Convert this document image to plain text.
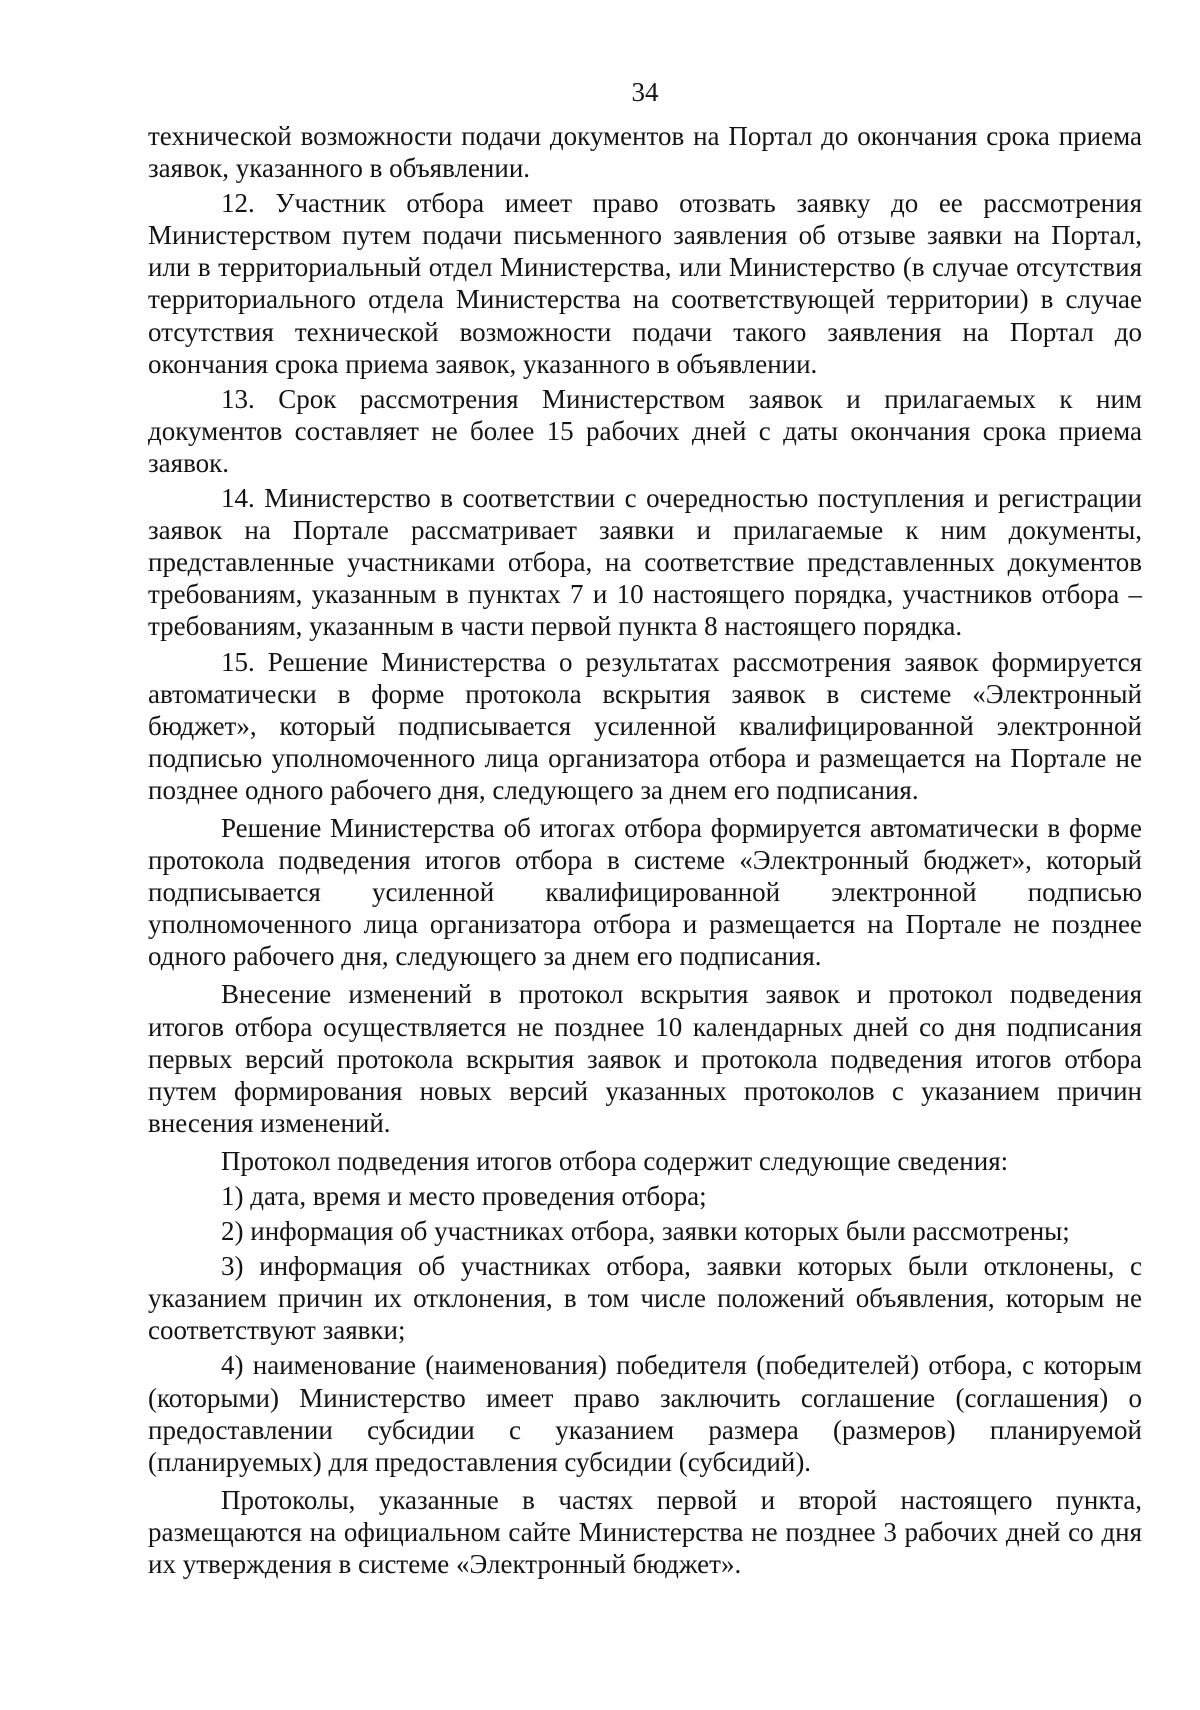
34

технической возможности подачи документов на Портал до окончания срока приема заявок, указанного в объявлении.

12. Участник отбора имеет право отозвать заявку до ее рассмотрения Министерством путем подачи письменного заявления об отзыве заявки на Портал, или в территориальный отдел Министерства, или Министерство (в случае отсутствия территориального отдела Министерства на соответствующей территории) в случае отсутствия технической возможности подачи такого заявления на Портал до окончания срока приема заявок, указанного в объявлении.

13. Срок рассмотрения Министерством заявок и прилагаемых к ним документов составляет не более 15 рабочих дней с даты окончания срока приема заявок.

14. Министерство в соответствии с очередностью поступления и регистрации заявок на Портале рассматривает заявки и прилагаемые к ним документы, представленные участниками отбора, на соответствие представленных документов требованиям, указанным в пунктах 7 и 10 настоящего порядка, участников отбора – требованиям, указанным в части первой пункта 8 настоящего порядка.

15. Решение Министерства о результатах рассмотрения заявок формируется автоматически в форме протокола вскрытия заявок в системе «Электронный бюджет», который подписывается усиленной квалифицированной электронной подписью уполномоченного лица организатора отбора и размещается на Портале не позднее одного рабочего дня, следующего за днем его подписания.

Решение Министерства об итогах отбора формируется автоматически в форме протокола подведения итогов отбора в системе «Электронный бюджет», который подписывается усиленной квалифицированной электронной подписью уполномоченного лица организатора отбора и размещается на Портале не позднее одного рабочего дня, следующего за днем его подписания.

Внесение изменений в протокол вскрытия заявок и протокол подведения итогов отбора осуществляется не позднее 10 календарных дней со дня подписания первых версий протокола вскрытия заявок и протокола подведения итогов отбора путем формирования новых версий указанных протоколов с указанием причин внесения изменений.

Протокол подведения итогов отбора содержит следующие сведения:

1) дата, время и место проведения отбора;

2) информация об участниках отбора, заявки которых были рассмотрены;

3) информация об участниках отбора, заявки которых были отклонены, с указанием причин их отклонения, в том числе положений объявления, которым не соответствуют заявки;

4) наименование (наименования) победителя (победителей) отбора, с которым (которыми) Министерство имеет право заключить соглашение (соглашения) о предоставлении субсидии с указанием размера (размеров) планируемой (планируемых) для предоставления субсидии (субсидий).

Протоколы, указанные в частях первой и второй настоящего пункта, размещаются на официальном сайте Министерства не позднее 3 рабочих дней со дня их утверждения в системе «Электронный бюджет».
